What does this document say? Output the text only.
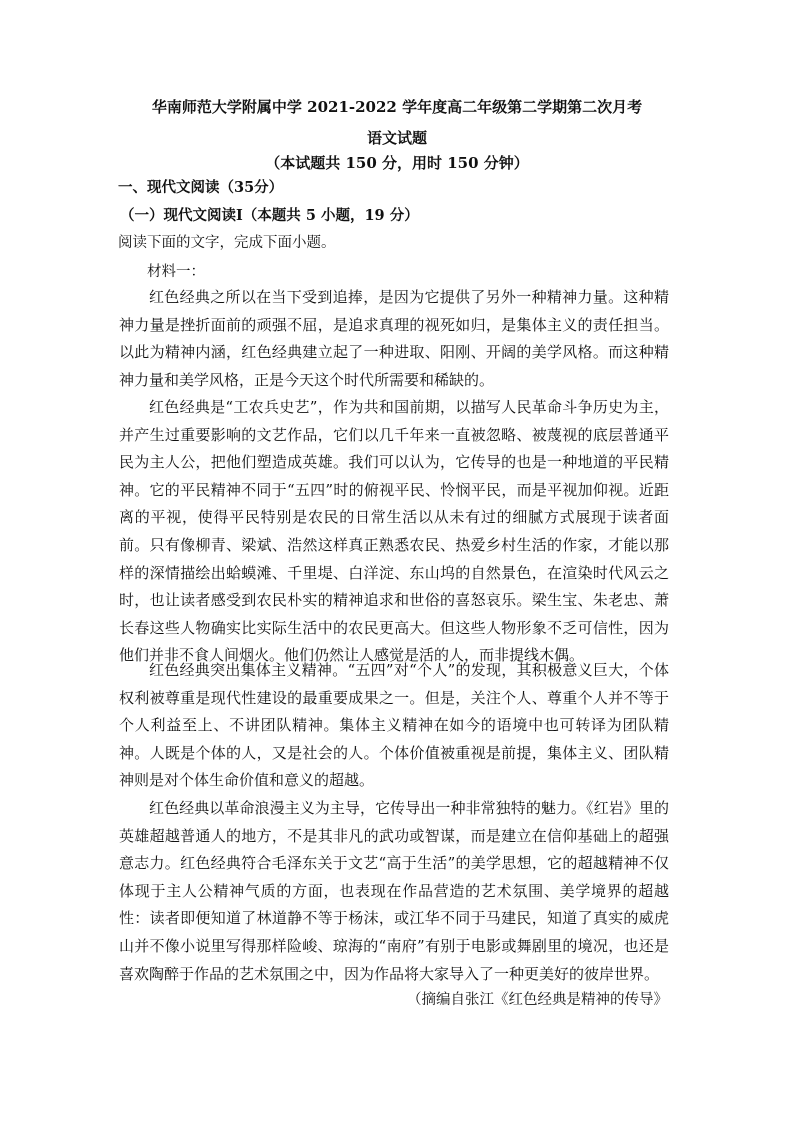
华南师范大学附属中学 2021-2022 学年度高二年级第二学期第二次月考
语文试题
（本试题共 150 分，用时 150 分钟）
一、现代文阅读（35分）
（一）现代文阅读Ⅰ（本题共 5 小题，19 分）
阅读下面的文字，完成下面小题。
材料一：

红色经典之所以在当下受到追捧，是因为它提供了另外一种精神力量。这种精神力量是挫折面前的顽强不屈，是追求真理的视死如归，是集体主义的责任担当。以此为精神内涵，红色经典建立起了一种进取、阳刚、开阔的美学风格。而这种精神力量和美学风格，正是今天这个时代所需要和稀缺的。

红色经典是“工农兵史艺”，作为共和国前期，以描写人民革命斗争历史为主，并产生过重要影响的文艺作品，它们以几千年来一直被忽略、被蔑视的底层普通平民为主人公，把他们塑造成英雄。我们可以认为，它传导的也是一种地道的平民精神。它的平民精神不同于“五四”时的俯视平民、怜悯平民，而是平视加仰视。近距离的平视，使得平民特别是农民的日常生活以从未有过的细腻方式展现于读者面前。只有像柳青、梁斌、浩然这样真正熟悉农民、热爱乡村生活的作家，才能以那样的深情描绘出蛤蟆滩、千里堤、白洋淀、东山坞的自然景色，在渲染时代风云之时，也让读者感受到农民朴实的精神追求和世俗的喜怒哀乐。梁生宝、朱老忠、萧长春这些人物确实比实际生活中的农民更高大。但这些人物形象不乏可信性，因为他们并非不食人间烟火。他们仍然让人感觉是活的人，而非提线木偶。

红色经典突出集体主义精神。“五四”对“个人”的发现，其积极意义巨大，个体权利被尊重是现代性建设的最重要成果之一。但是，关注个人、尊重个人并不等于个人利益至上、不讲团队精神。集体主义精神在如今的语境中也可转译为团队精神。人既是个体的人，又是社会的人。个体价值被重视是前提，集体主义、团队精神则是对个体生命价值和意义的超越。

红色经典以革命浪漫主义为主导，它传导出一种非常独特的魅力。《红岩》里的英雄超越普通人的地方，不是其非凡的武功或智谋，而是建立在信仰基础上的超强意志力。红色经典符合毛泽东关于文艺“高于生活”的美学思想，它的超越精神不仅体现于主人公精神气质的方面，也表现在作品营造的艺术氛围、美学境界的超越性：读者即便知道了林道静不等于杨沫，或江华不同于马建民，知道了真实的威虎山并不像小说里写得那样险峻、琼海的“南府”有别于电影或舞剧里的境况，也还是喜欢陶醉于作品的艺术氛围之中，因为作品将大家导入了一种更美好的彼岸世界。

（摘编自张江《红色经典是精神的传导》
